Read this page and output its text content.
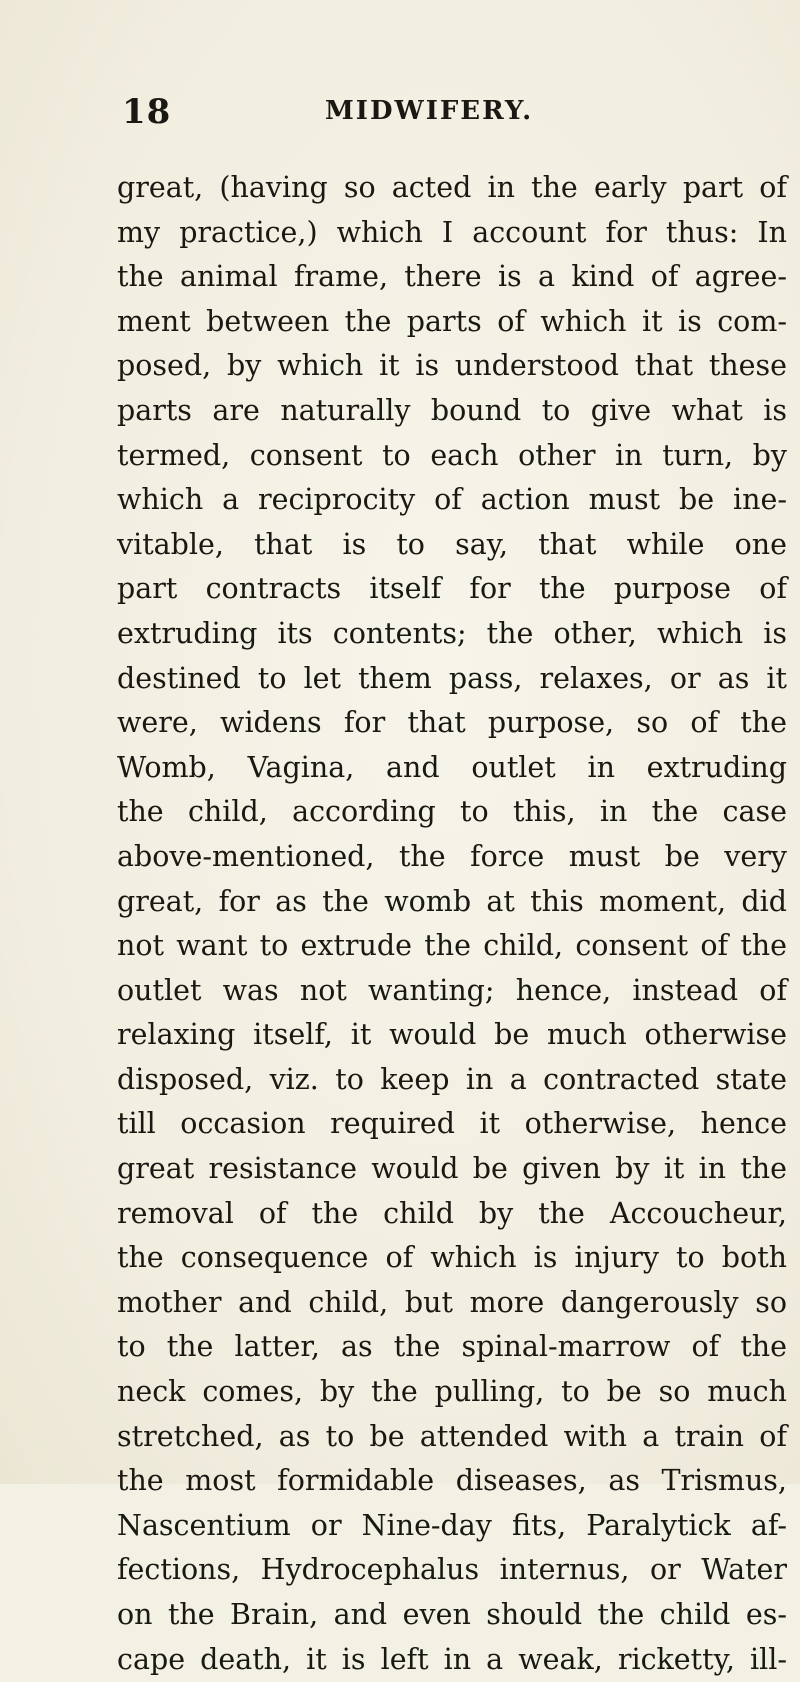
18	MIDWIFERY.
great, (having so acted in the early part of
my practice,) which I account for thus: In
the animal frame, there is a kind of agree-
ment between the parts of which it is com-
posed, by which it is understood that these
parts are naturally bound to give what is
termed, consent to each other in turn, by
which a reciprocity of action must be ine-
vitable, that is to say, that while one
part contracts itself for the purpose of
extruding its contents; the other, which is
destined to let them pass, relaxes, or as it
were, widens for that purpose, so of the
Womb, Vagina, and outlet in extruding
the child, according to this, in the case
above-mentioned, the force must be very
great, for as the womb at this moment, did
not want to extrude the child, consent of the
outlet was not wanting; hence, instead of
relaxing itself, it would be much otherwise
disposed, viz. to keep in a contracted state
till occasion required it otherwise, hence
great resistance would be given by it in the
removal of the child by the Accoucheur,
the consequence of which is injury to both
mother and child, but more dangerously so
to the latter, as the spinal-marrow of the
neck comes, by the pulling, to be so much
stretched, as to be attended with a train of
the most formidable diseases, as Trismus,
Nascentium or Nine-day fits, Paralytick af-
fections, Hydrocephalus internus, or Water
on the Brain, and even should the child es-
cape death, it is left in a weak, ricketty, ill-
